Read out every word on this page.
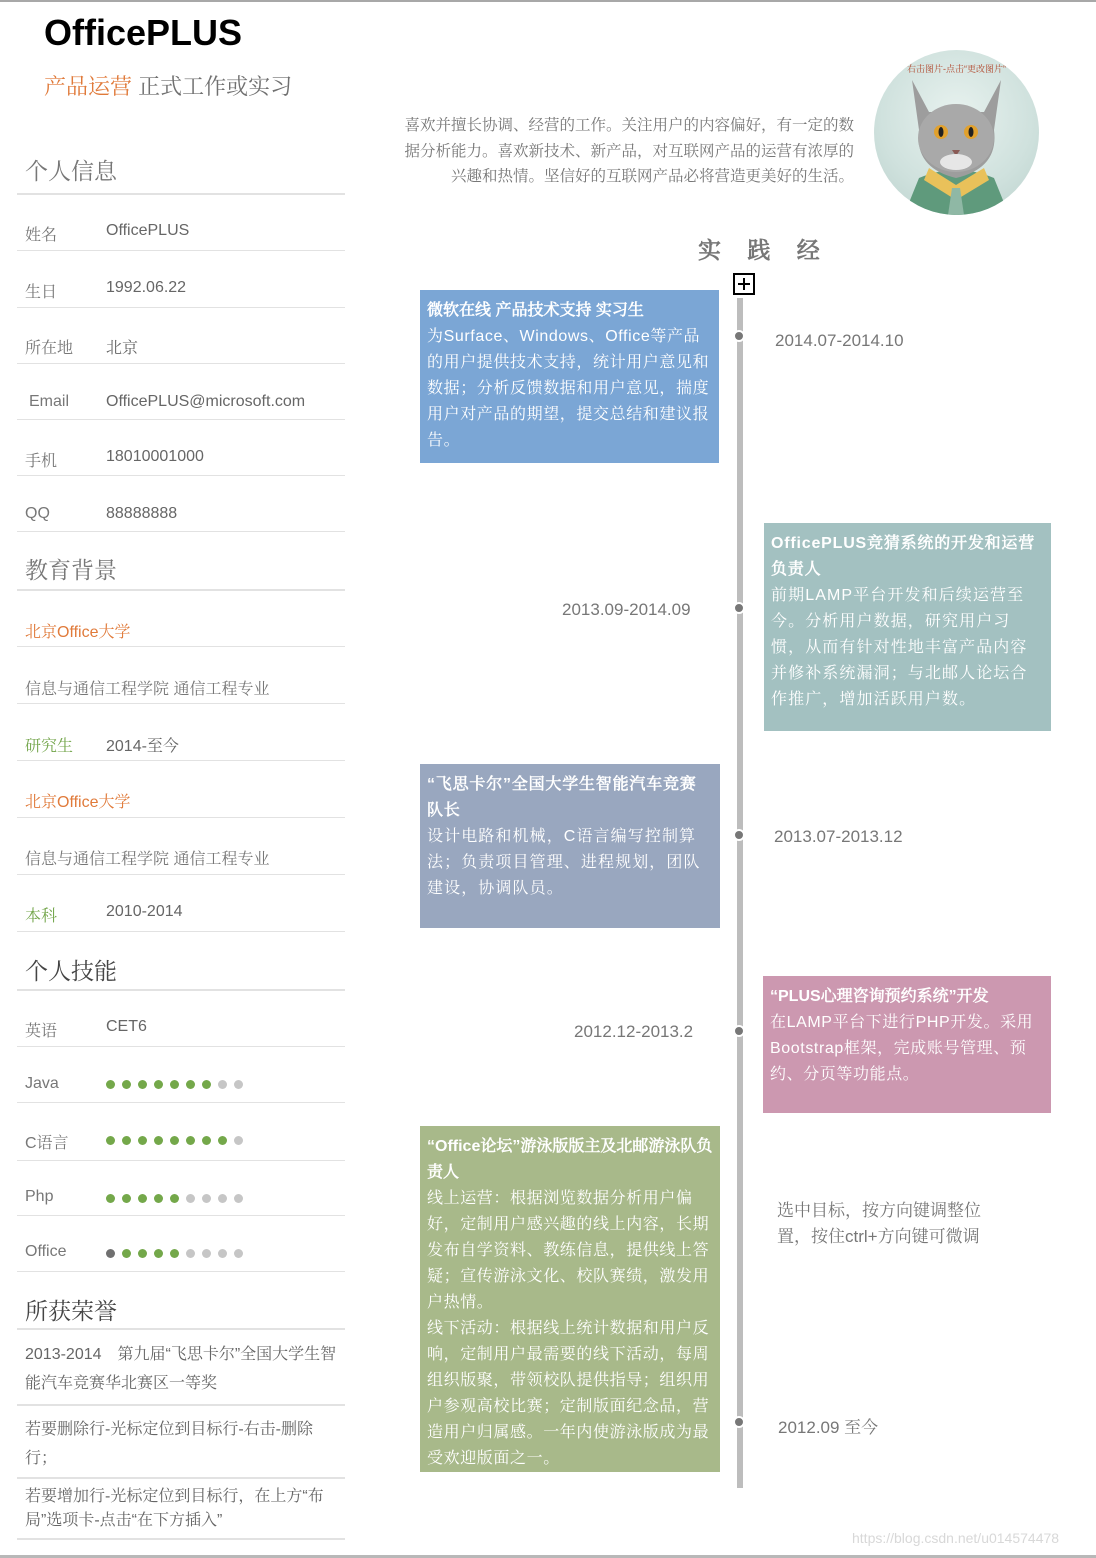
OfficePLUS
产品运营 正式工作或实习
喜欢并擅长协调、经营的工作。关注用户的内容偏好，有一定的数
据分析能力。喜欢新技术、新产品，对互联网产品的运营有浓厚的
兴趣和热情。坚信好的互联网产品必将营造更美好的生活。
右击图片-点击“更改图片”
个人信息
姓名	OfficePLUS
生日	1992.06.22
所在地 北京
Email OfficePLUS@microsoft.com
手机	18010001000
QQ	88888888
教育背景
北京Office大学
信息与通信工程学院 通信工程专业
研究生 2014-至今
北京Office大学
信息与通信工程学院 通信工程专业
本科	2010-2014
个人技能
英语	CET6
Java
C语言
Php
Office
所获荣誉
2013-2014　第九届“飞思卡尔”全国大学生智能汽车竞赛华北赛区一等奖
若要删除行-光标定位到目标行-右击-删除行；
若要增加行-光标定位到目标行，在上方“布局”选项卡-点击“在下方插入”
实 践 经
2014.07-2014.10
2013.09-2014.09
2013.07-2013.12
2012.12-2013.2
2012.09 至今
微软在线 产品技术支持 实习生
为Surface、Windows、Office等产品的用户提供技术支持，统计用户意见和数据；分析反馈数据和用户意见，揣度用户对产品的期望，提交总结和建议报告。
OfficePLUS竞猜系统的开发和运营负责人
前期LAMP平台开发和后续运营至今。分析用户数据，研究用户习惯，从而有针对性地丰富产品内容并修补系统漏洞；与北邮人论坛合作推广，增加活跃用户数。
“飞思卡尔”全国大学生智能汽车竞赛队长
设计电路和机械，C语言编写控制算法；负责项目管理、进程规划，团队建设，协调队员。
“PLUS心理咨询预约系统”开发
在LAMP平台下进行PHP开发。采用Bootstrap框架，完成账号管理、预约、分页等功能点。
“Office论坛”游泳版版主及北邮游泳队负责人
线上运营：根据浏览数据分析用户偏好，定制用户感兴趣的线上内容，长期发布自学资料、教练信息，提供线上答疑；宣传游泳文化、校队赛绩，激发用户热情。
线下活动：根据线上统计数据和用户反响，定制用户最需要的线下活动，每周组织版聚，带领校队提供指导；组织用户参观高校比赛；定制版面纪念品，营造用户归属感。一年内使游泳版成为最受欢迎版面之一。
选中目标，按方向键调整位置，按住ctrl+方向键可微调
https://blog.csdn.net/u014574478
